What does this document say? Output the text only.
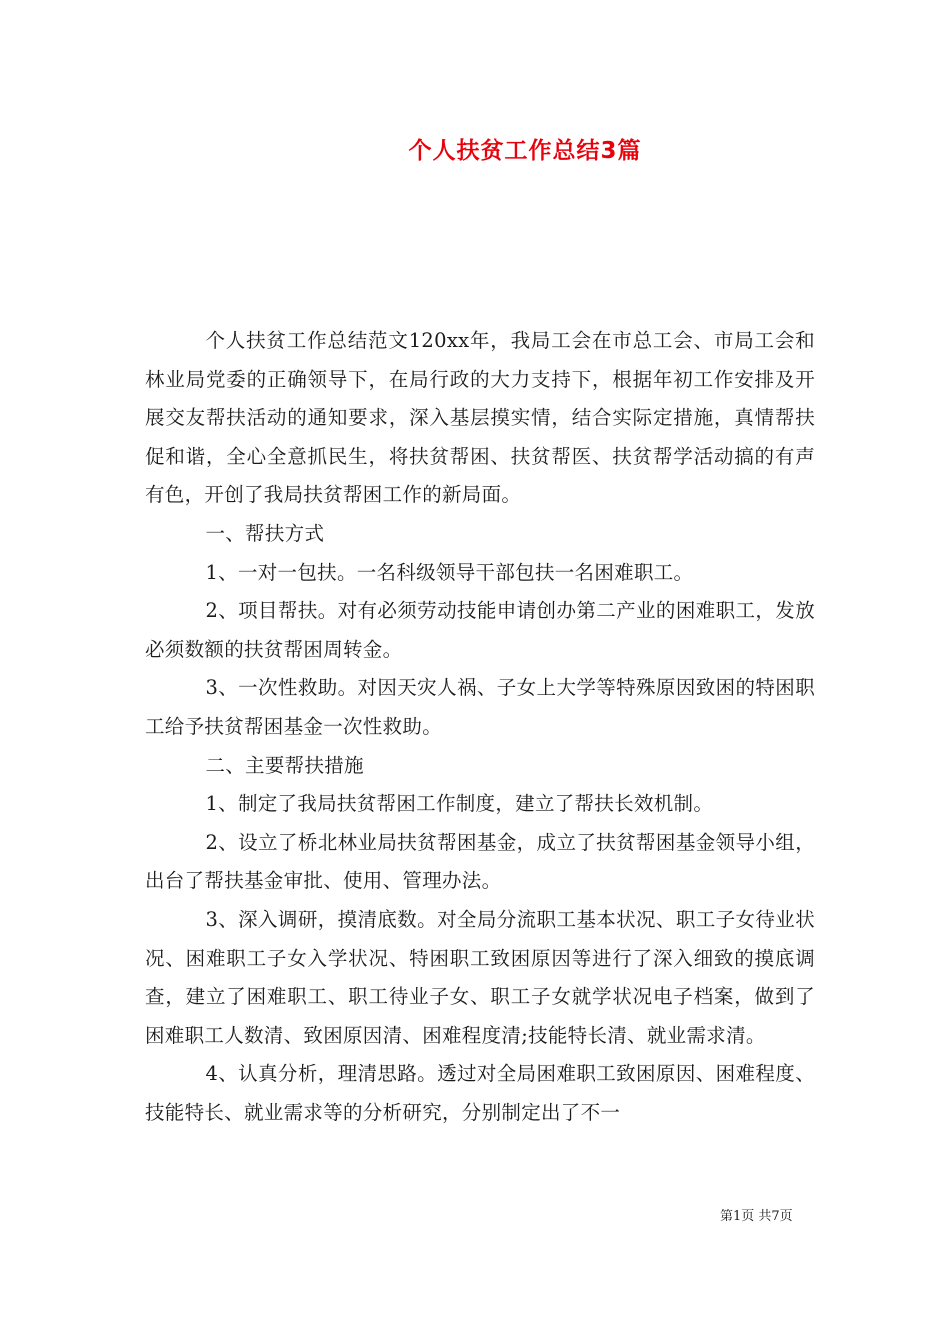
个人扶贫工作总结3篇

个人扶贫工作总结范文120xx年，我局工会在市总工会、市局工会和林业局党委的正确领导下，在局行政的大力支持下，根据年初工作安排及开展交友帮扶活动的通知要求，深入基层摸实情，结合实际定措施，真情帮扶促和谐，全心全意抓民生，将扶贫帮困、扶贫帮医、扶贫帮学活动搞的有声有色，开创了我局扶贫帮困工作的新局面。

一、帮扶方式

1、一对一包扶。一名科级领导干部包扶一名困难职工。

2、项目帮扶。对有必须劳动技能申请创办第二产业的困难职工，发放必须数额的扶贫帮困周转金。

3、一次性救助。对因天灾人祸、子女上大学等特殊原因致困的特困职工给予扶贫帮困基金一次性救助。

二、主要帮扶措施

1、制定了我局扶贫帮困工作制度，建立了帮扶长效机制。

2、设立了桥北林业局扶贫帮困基金，成立了扶贫帮困基金领导小组，出台了帮扶基金审批、使用、管理办法。

3、深入调研，摸清底数。对全局分流职工基本状况、职工子女待业状况、困难职工子女入学状况、特困职工致困原因等进行了深入细致的摸底调查，建立了困难职工、职工待业子女、职工子女就学状况电子档案，做到了困难职工人数清、致困原因清、困难程度清;技能特长清、就业需求清。

4、认真分析，理清思路。透过对全局困难职工致困原因、困难程度、技能特长、就业需求等的分析研究，分别制定出了不一

第1页 共7页
